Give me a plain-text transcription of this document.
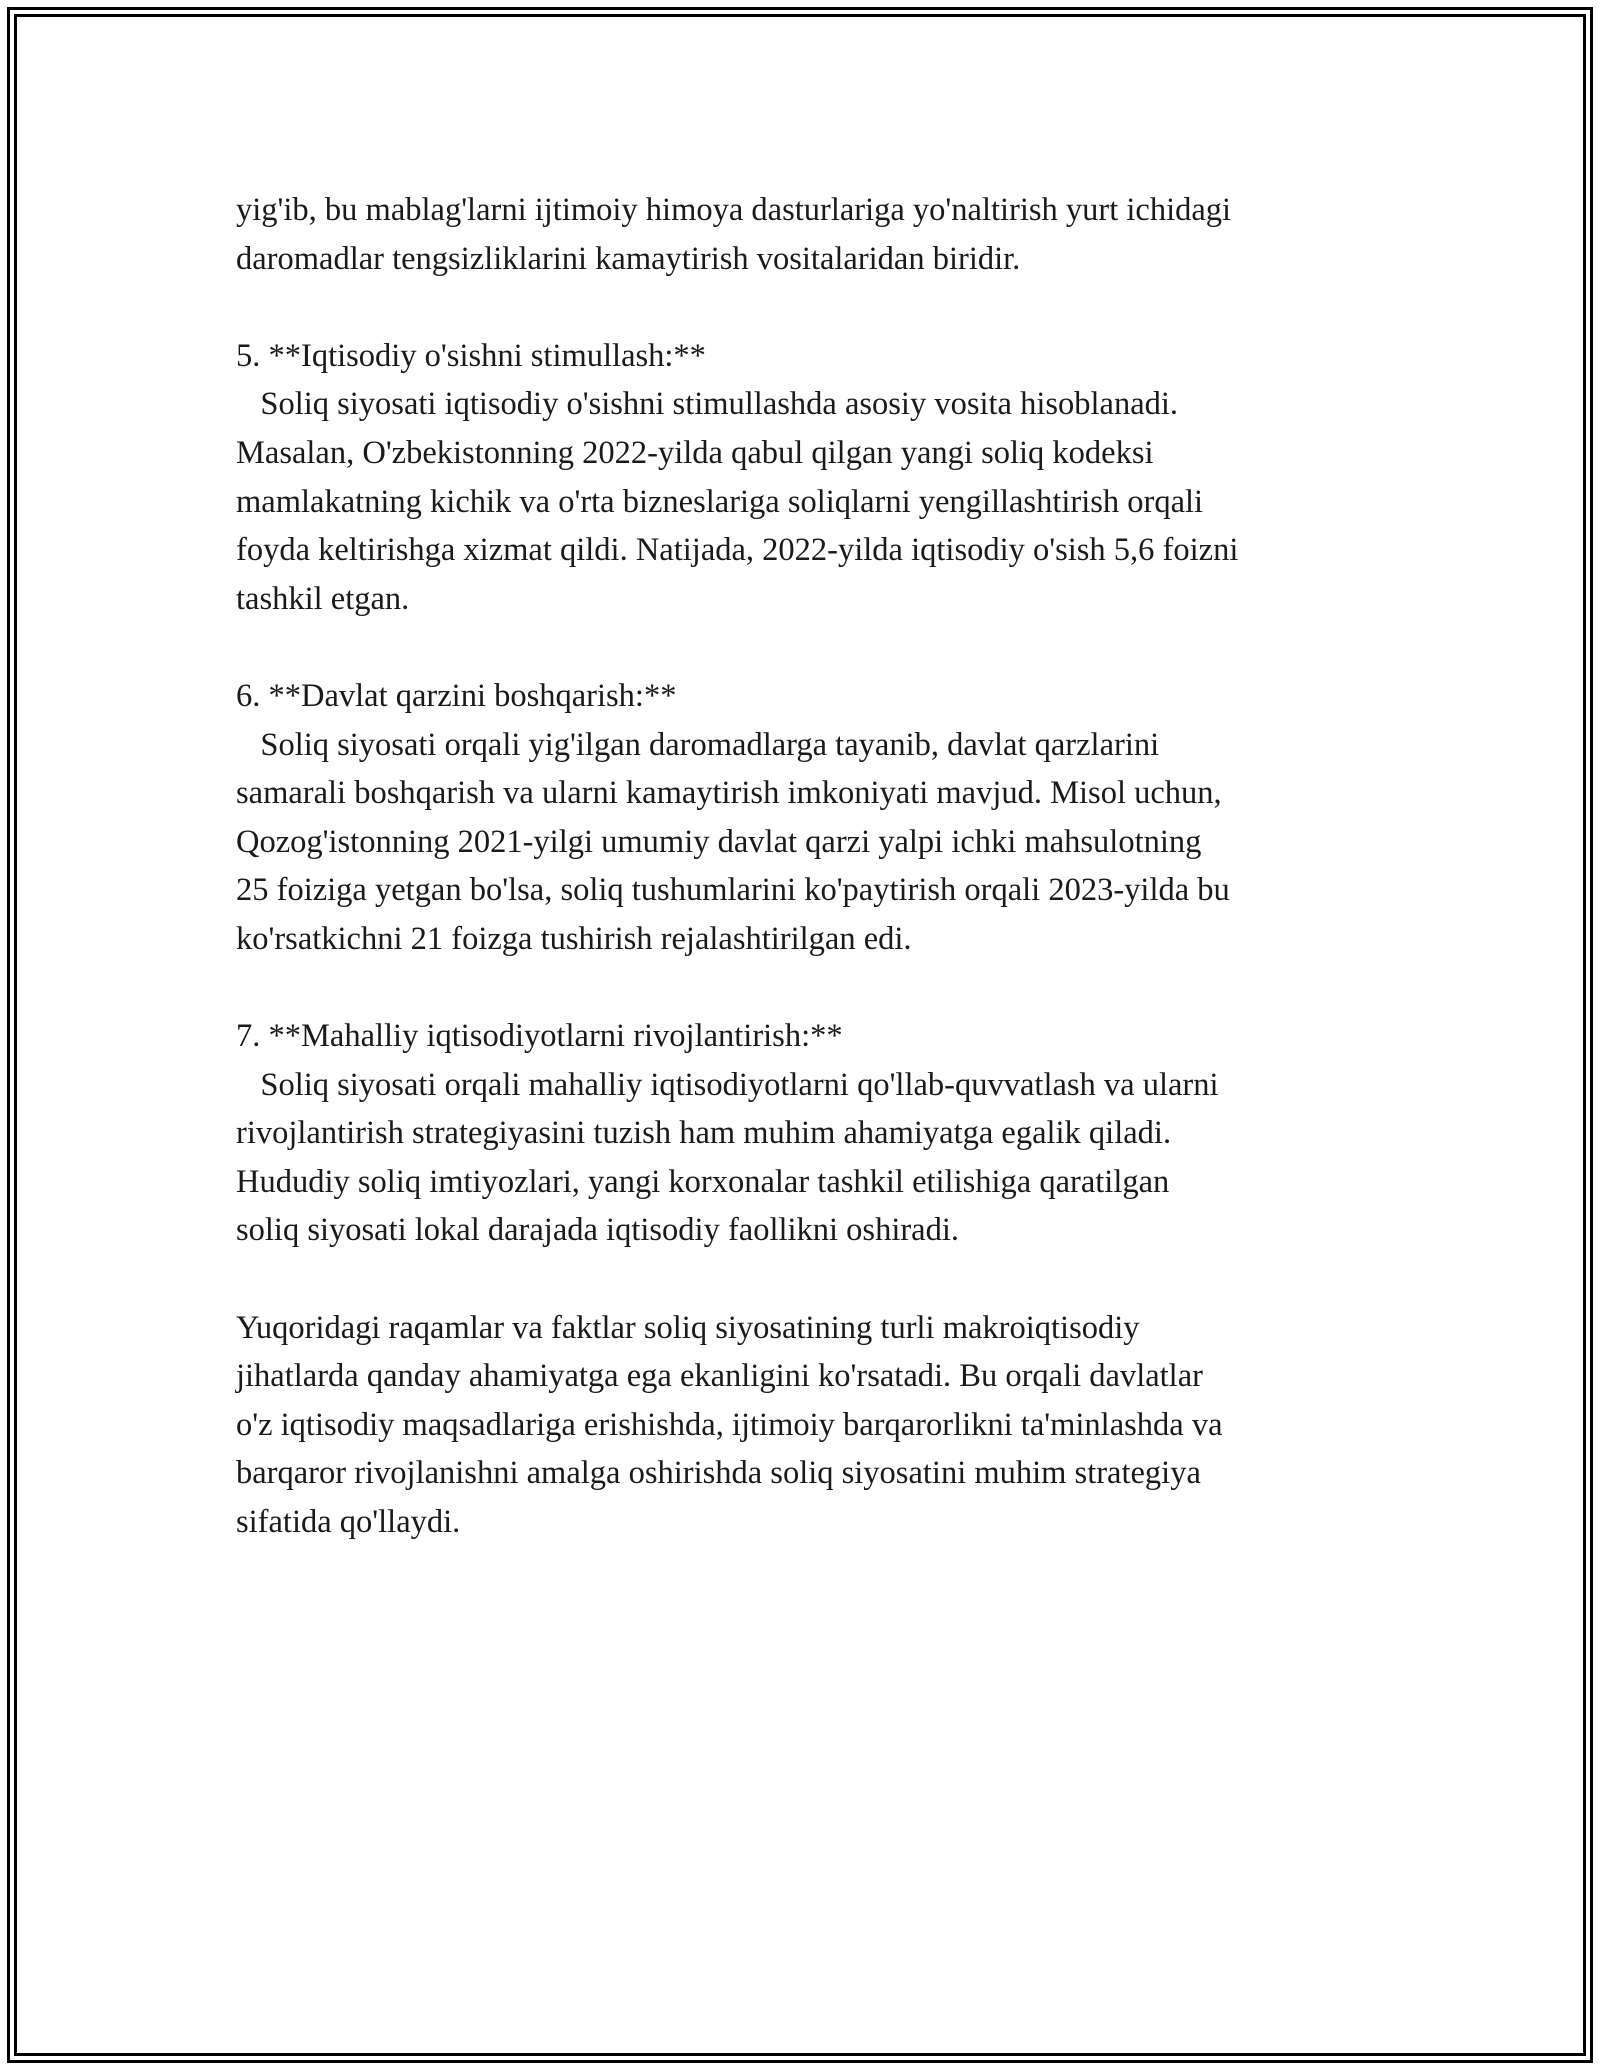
yig'ib, bu mablag'larni ijtimoiy himoya dasturlariga yo'naltirish yurt ichidagi
daromadlar tengsizliklarini kamaytirish vositalaridan biridir.
5. **Iqtisodiy o'sishni stimullash:**
Soliq siyosati iqtisodiy o'sishni stimullashda asosiy vosita hisoblanadi.
Masalan, O'zbekistonning 2022-yilda qabul qilgan yangi soliq kodeksi
mamlakatning kichik va o'rta bizneslariga soliqlarni yengillashtirish orqali
foyda keltirishga xizmat qildi. Natijada, 2022-yilda iqtisodiy o'sish 5,6 foizni
tashkil etgan.
6. **Davlat qarzini boshqarish:**
Soliq siyosati orqali yig'ilgan daromadlarga tayanib, davlat qarzlarini
samarali boshqarish va ularni kamaytirish imkoniyati mavjud. Misol uchun,
Qozog'istonning 2021-yilgi umumiy davlat qarzi yalpi ichki mahsulotning
25 foiziga yetgan bo'lsa, soliq tushumlarini ko'paytirish orqali 2023-yilda bu
ko'rsatkichni 21 foizga tushirish rejalashtirilgan edi.
7. **Mahalliy iqtisodiyotlarni rivojlantirish:**
Soliq siyosati orqali mahalliy iqtisodiyotlarni qo'llab-quvvatlash va ularni
rivojlantirish strategiyasini tuzish ham muhim ahamiyatga egalik qiladi.
Hududiy soliq imtiyozlari, yangi korxonalar tashkil etilishiga qaratilgan
soliq siyosati lokal darajada iqtisodiy faollikni oshiradi.
Yuqoridagi raqamlar va faktlar soliq siyosatining turli makroiqtisodiy
jihatlarda qanday ahamiyatga ega ekanligini ko'rsatadi. Bu orqali davlatlar
o'z iqtisodiy maqsadlariga erishishda, ijtimoiy barqarorlikni ta'minlashda va
barqaror rivojlanishni amalga oshirishda soliq siyosatini muhim strategiya
sifatida qo'llaydi.
